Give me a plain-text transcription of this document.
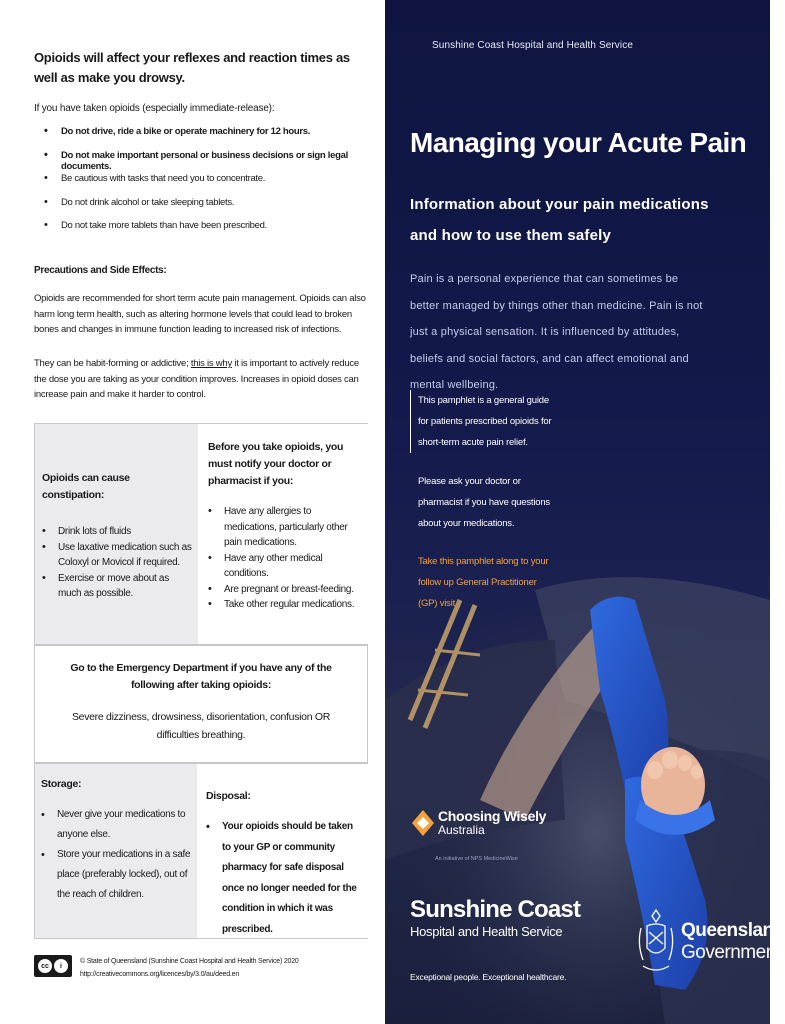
Opioids will affect your reflexes and reaction times as well as make you drowsy.
If you have taken opioids (especially immediate-release):
•	Do not drive, ride a bike or operate machinery for 12 hours.
•	Do not make important personal or business decisions or sign legal documents.
•	Be cautious with tasks that need you to concentrate.
•	Do not drink alcohol or take sleeping tablets.
•	Do not take more tablets than have been prescribed.
Precautions and Side Effects:
Opioids are recommended for short term acute pain management. Opioids can also harm long term health, such as altering hormone levels that could lead to broken bones and changes in immune function leading to increased risk of infections.
They can be habit-forming or addictive; this is why it is important to actively reduce the dose you are taking as your condition improves. Increases in opioid doses can increase pain and make it harder to control.
Opioids can cause constipation:
•	Drink lots of fluids
•	Use laxative medication such as Coloxyl or Movicol if required.
•	Exercise or move about as much as possible.
Before you take opioids, you must notify your doctor or pharmacist if you:
•	Have any allergies to medications, particularly other pain medications.
•	Have any other medical conditions.
•	Are pregnant or breast-feeding.
•	Take other regular medications.
Go to the Emergency Department if you have any of the following after taking opioids:
Severe dizziness, drowsiness, disorientation, confusion OR difficulties breathing.
Storage:
•	Never give your medications to anyone else.
•	Store your medications in a safe place (preferably locked), out of the reach of children.
Disposal:
•	Your opioids should be taken to your GP or community pharmacy for safe disposal once no longer needed for the condition in which it was prescribed.
cc	i
© State of Queensland (Sunshine Coast Hospital and Health Service) 2020
http://creativecommons.org/licences/by/3.0/au/deed.en
Sunshine Coast Hospital and Health Service
Managing your Acute Pain
Information about your pain medications and how to use them safely
Pain is a personal experience that can sometimes be better managed by things other than medicine. Pain is not just a physical sensation. It is influenced by attitudes, beliefs and social factors, and can affect emotional and mental wellbeing.
This pamphlet is a general guide for patients prescribed opioids for short-term acute pain relief.
Please ask your doctor or pharmacist if you have questions about your medications.
Take this pamphlet along to your follow up General Practitioner (GP) visit
Choosing Wisely
Australia
An initiative of NPS MedicineWise
Sunshine Coast
Hospital and Health Service
Exceptional people. Exceptional healthcare.
Queensland
Government
